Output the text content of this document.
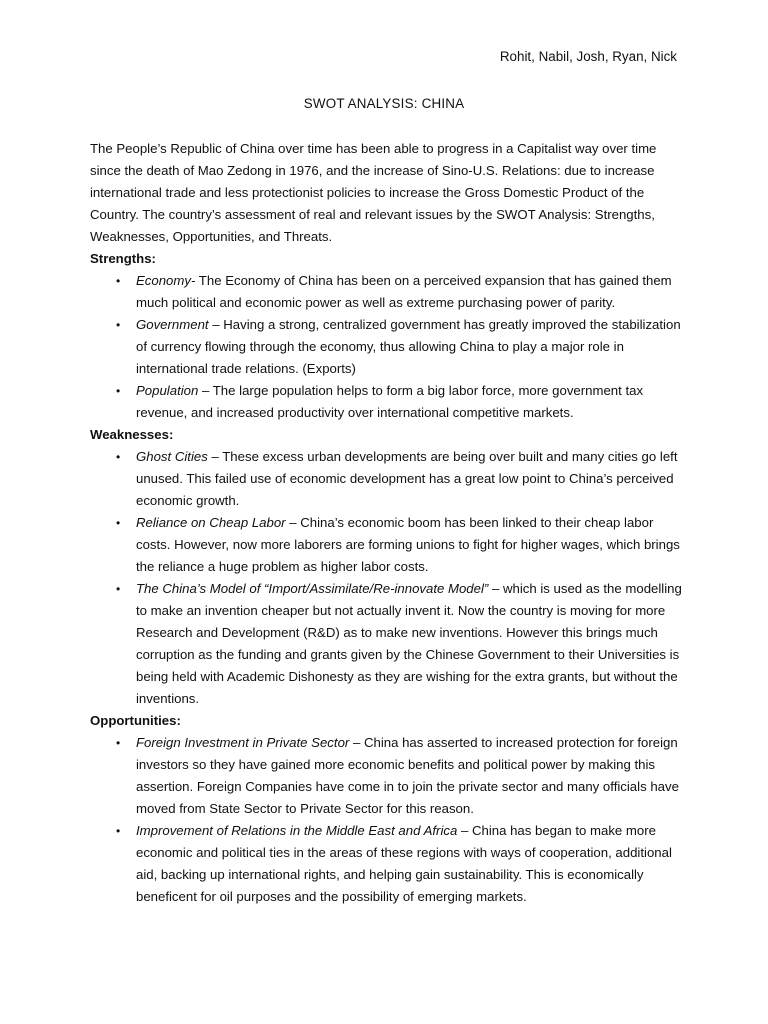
Rohit, Nabil, Josh, Ryan, Nick
SWOT ANALYSIS: CHINA

The People’s Republic of China over time has been able to progress in a Capitalist way over time since the death of Mao Zedong in 1976, and the increase of Sino-U.S. Relations: due to increase international trade and less protectionist policies to increase the Gross Domestic Product of the Country. The country’s assessment of real and relevant issues by the SWOT Analysis: Strengths, Weaknesses, Opportunities, and Threats.

Strengths:

• Economy- The Economy of China has been on a perceived expansion that has gained them much political and economic power as well as extreme purchasing power of parity.
• Government – Having a strong, centralized government has greatly improved the stabilization of currency flowing through the economy, thus allowing China to play a major role in international trade relations. (Exports)
• Population – The large population helps to form a big labor force, more government tax revenue, and increased productivity over international competitive markets.

Weaknesses:

• Ghost Cities – These excess urban developments are being over built and many cities go left unused. This failed use of economic development has a great low point to China’s perceived economic growth.
• Reliance on Cheap Labor – China’s economic boom has been linked to their cheap labor costs. However, now more laborers are forming unions to fight for higher wages, which brings the reliance a huge problem as higher labor costs.
• The China’s Model of “Import/Assimilate/Re-innovate Model” – which is used as the modelling to make an invention cheaper but not actually invent it. Now the country is moving for more Research and Development (R&D) as to make new inventions. However this brings much corruption as the funding and grants given by the Chinese Government to their Universities is being held with Academic Dishonesty as they are wishing for the extra grants, but without the inventions.

Opportunities:

• Foreign Investment in Private Sector – China has asserted to increased protection for foreign investors so they have gained more economic benefits and political power by making this assertion. Foreign Companies have come in to join the private sector and many officials have moved from State Sector to Private Sector for this reason.
• Improvement of Relations in the Middle East and Africa – China has began to make more economic and political ties in the areas of these regions with ways of cooperation, additional aid, backing up international rights, and helping gain sustainability. This is economically beneficent for oil purposes and the possibility of emerging markets.
